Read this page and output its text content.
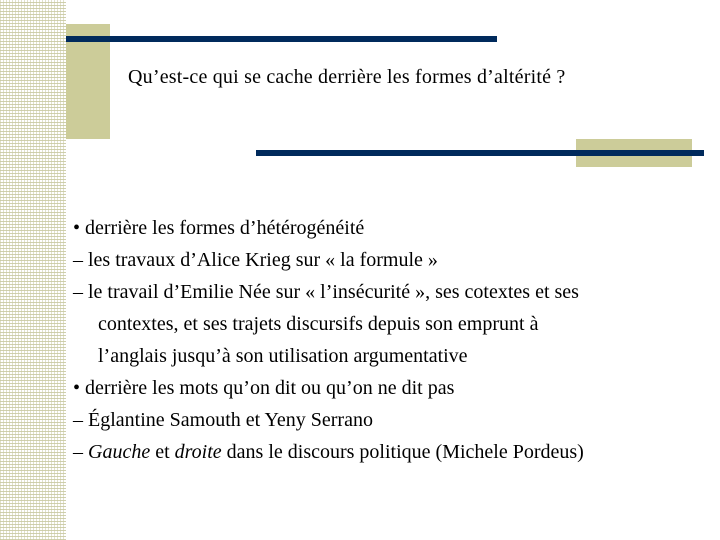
Qu’est-ce qui se cache derrière les formes d’altérité ?
• derrière les formes d’hétérogénéité
– les travaux d’Alice Krieg sur « la formule »
– le travail d’Emilie Née sur « l’insécurité », ses cotextes et ses
contextes, et ses trajets discursifs depuis son emprunt à
l’anglais jusqu’à son utilisation argumentative
• derrière les mots qu’on dit ou qu’on ne dit pas
– Églantine Samouth et Yeny Serrano
– Gauche et droite dans le discours politique (Michele Pordeus)
